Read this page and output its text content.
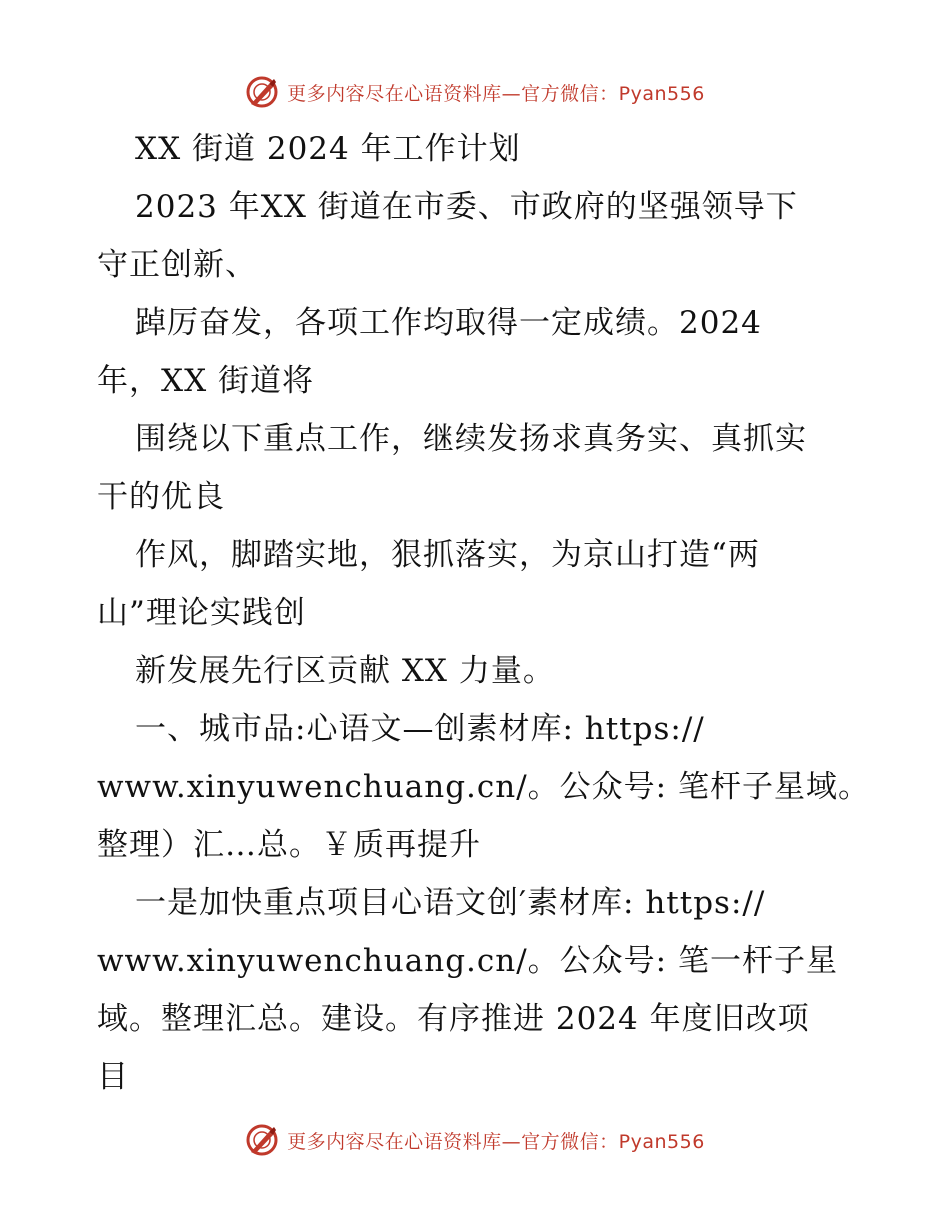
更多内容尽在心语资料库—官方微信：Pyan556
XX 街道 2024 年工作计划
2023 年XX 街道在市委、市政府的坚强领导下
守正创新、
踔厉奋发，各项工作均取得一定成绩。2024
年，XX 街道将
围绕以下重点工作，继续发扬求真务实、真抓实
干的优良
作风，脚踏实地，狠抓落实，为京山打造“两
山”理论实践创
新发展先行区贡献 XX 力量。
一、城市品:心语文—创素材库: https://
www.xinyuwenchuang.cn/。公众号: 笔杆子星域。
整理）汇…总。￥质再提升
一是加快重点项目心语文创′素材库: https://
www.xinyuwenchuang.cn/。公众号: 笔一杆子星
域。整理汇总。建设。有序推进 2024 年度旧改项
目
更多内容尽在心语资料库—官方微信：Pyan556
